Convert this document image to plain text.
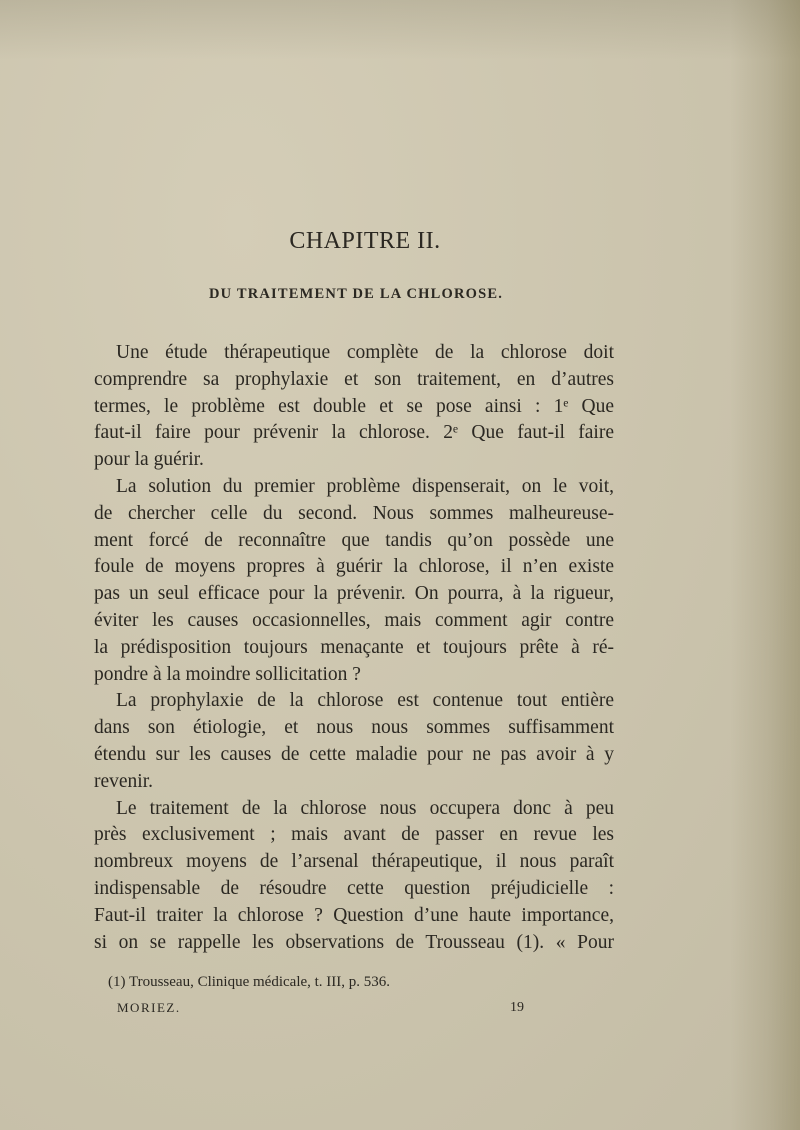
CHAPITRE II.
DU TRAITEMENT DE LA CHLOROSE.
Une étude thérapeutique complète de la chlorose doit
comprendre sa prophylaxie et son traitement, en d’autres
termes, le problème est double et se pose ainsi : 1ᵉ Que
faut-il faire pour prévenir la chlorose. 2ᵉ Que faut-il faire
pour la guérir.
La solution du premier problème dispenserait, on le voit,
de chercher celle du second. Nous sommes malheureuse-
ment forcé de reconnaître que tandis qu’on possède une
foule de moyens propres à guérir la chlorose, il n’en existe
pas un seul efficace pour la prévenir. On pourra, à la rigueur,
éviter les causes occasionnelles, mais comment agir contre
la prédisposition toujours menaçante et toujours prête à ré-
pondre à la moindre sollicitation ?
La prophylaxie de la chlorose est contenue tout entière
dans son étiologie, et nous nous sommes suffisamment
étendu sur les causes de cette maladie pour ne pas avoir à y
revenir.
Le traitement de la chlorose nous occupera donc à peu
près exclusivement ; mais avant de passer en revue les
nombreux moyens de l’arsenal thérapeutique, il nous paraît
indispensable de résoudre cette question préjudicielle :
Faut-il traiter la chlorose ? Question d’une haute importance,
si on se rappelle les observations de Trousseau (1). « Pour

(1) Trousseau, Clinique médicale, t. III, p. 536.

MORIEZ.	19
